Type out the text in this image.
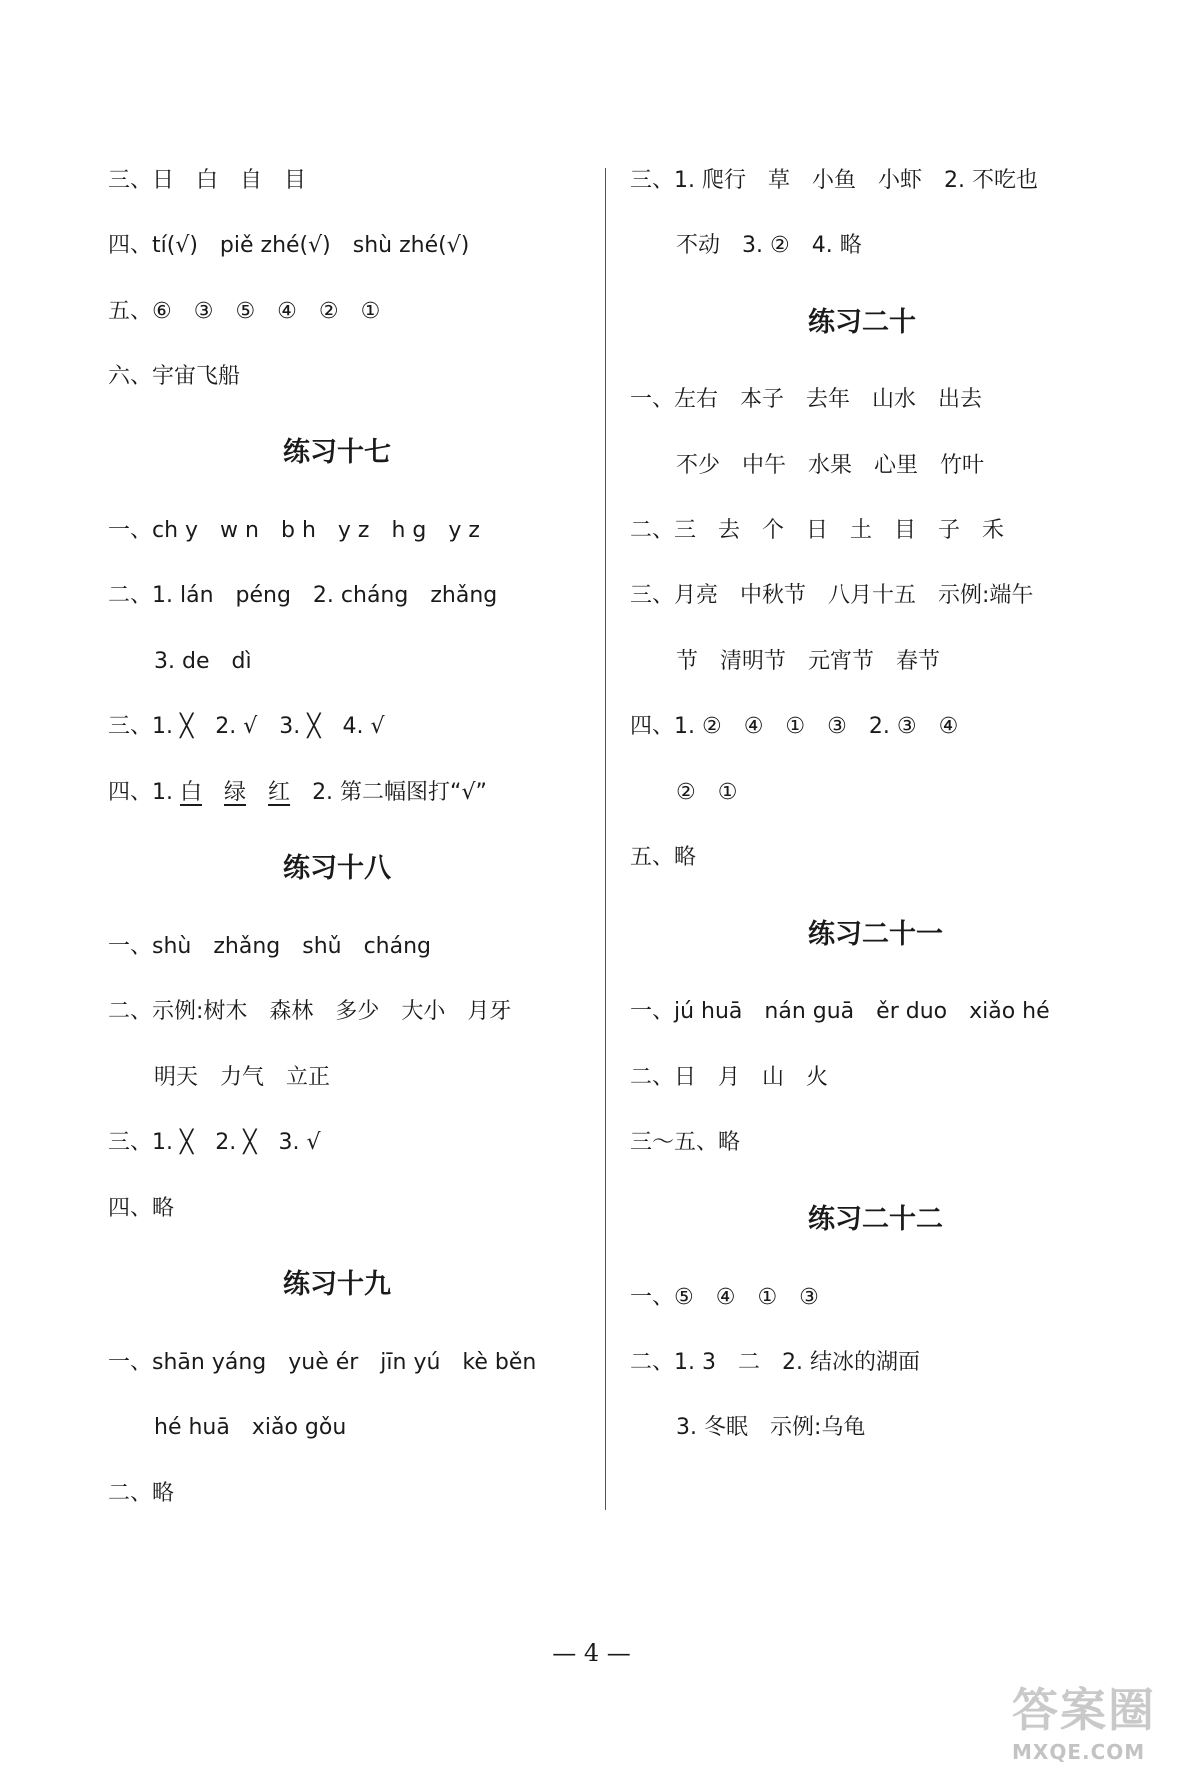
三、日　白　自　目
四、tí(√)　piě zhé(√)　shù zhé(√)
五、⑥　③　⑤　④　②　①
六、宇宙飞船
练习十七
一、ch y　w n　b h　y z　h g　y z
二、1. lán　péng　2. cháng　zhǎng
3. de　dì
三、1. ╳　2. √　3. ╳　4. √
四、1. 白　 绿　 红　2. 第二幅图打“√”
练习十八
一、shù　zhǎng　shǔ　cháng
二、示例:树木　森林　多少　大小　月牙
明天　力气　立正
三、1. ╳　2. ╳　3. √
四、略
练习十九
一、shān yáng　yuè ér　jīn yú　kè běn
hé huā　xiǎo gǒu
二、略
三、1. 爬行　草　小鱼　小虾　2. 不吃也
不动　3. ②　4. 略
练习二十
一、左右　本子　去年　山水　出去
不少　中午　水果　心里　竹叶
二、三　去　个　日　土　目　子　禾
三、月亮　中秋节　八月十五　示例:端午
节　清明节　元宵节　春节
四、1. ②　④　①　③　2. ③　④
②　①
五、略
练习二十一
一、jú huā　nán guā　ěr duo　xiǎo hé
二、日　月　山　火
三～五、略
练习二十二
一、⑤　④　①　③
二、1. 3　二　2. 结冰的湖面
3. 冬眠　示例:乌龟
— 4 —
答案圈
MXQE.COM
